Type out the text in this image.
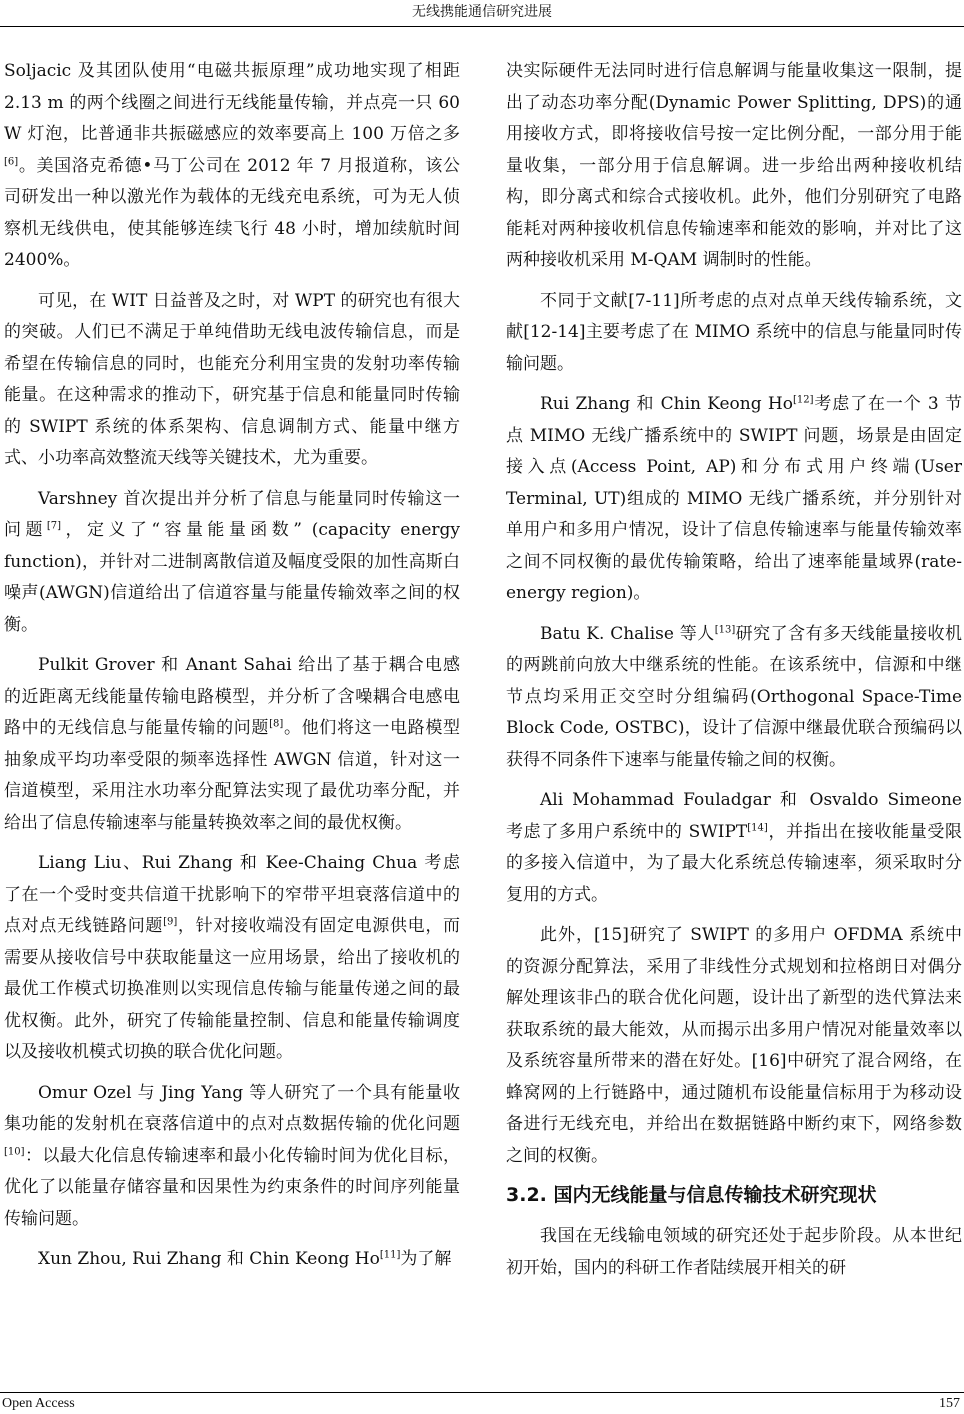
无线携能通信研究进展

Soljacic 及其团队使用“电磁共振原理”成功地实现了相距 2.13 m 的两个线圈之间进行无线能量传输，并点亮一只 60 W 灯泡，比普通非共振磁感应的效率要高上 100 万倍之多[6]。美国洛克希德•马丁公司在 2012 年 7 月报道称，该公司研发出一种以激光作为载体的无线充电系统，可为无人侦察机无线供电，使其能够连续飞行 48 小时，增加续航时间 2400%。

可见，在 WIT 日益普及之时，对 WPT 的研究也有很大的突破。人们已不满足于单纯借助无线电波传输信息，而是希望在传输信息的同时，也能充分利用宝贵的发射功率传输能量。在这种需求的推动下，研究基于信息和能量同时传输的 SWIPT 系统的体系架构、信息调制方式、能量中继方式、小功率高效整流天线等关键技术，尤为重要。

Varshney 首次提出并分析了信息与能量同时传输这一问题[7]，定义了“容量能量函数” (capacity energy function)，并针对二进制离散信道及幅度受限的加性高斯白噪声(AWGN)信道给出了信道容量与能量传输效率之间的权衡。

Pulkit Grover 和 Anant Sahai 给出了基于耦合电感的近距离无线能量传输电路模型，并分析了含噪耦合电感电路中的无线信息与能量传输的问题[8]。他们将这一电路模型抽象成平均功率受限的频率选择性 AWGN 信道，针对这一信道模型，采用注水功率分配算法实现了最优功率分配，并给出了信息传输速率与能量转换效率之间的最优权衡。

Liang Liu、Rui Zhang 和 Kee-Chaing Chua 考虑了在一个受时变共信道干扰影响下的窄带平坦衰落信道中的点对点无线链路问题[9]，针对接收端没有固定电源供电，而需要从接收信号中获取能量这一应用场景，给出了接收机的最优工作模式切换准则以实现信息传输与能量传递之间的最优权衡。此外，研究了传输能量控制、信息和能量传输调度以及接收机模式切换的联合优化问题。

Omur Ozel 与 Jing Yang 等人研究了一个具有能量收集功能的发射机在衰落信道中的点对点数据传输的优化问题[10]：以最大化信息传输速率和最小化传输时间为优化目标，优化了以能量存储容量和因果性为约束条件的时间序列能量传输问题。

Xun Zhou, Rui Zhang 和 Chin Keong Ho[11]为了解

决实际硬件无法同时进行信息解调与能量收集这一限制，提出了动态功率分配(Dynamic Power Splitting, DPS)的通用接收方式，即将接收信号按一定比例分配，一部分用于能量收集，一部分用于信息解调。进一步给出两种接收机结构，即分离式和综合式接收机。此外，他们分别研究了电路能耗对两种接收机信息传输速率和能效的影响，并对比了这两种接收机采用 M-QAM 调制时的性能。

不同于文献[7-11]所考虑的点对点单天线传输系统，文献[12-14]主要考虑了在 MIMO 系统中的信息与能量同时传输问题。

Rui Zhang 和 Chin Keong Ho[12]考虑了在一个 3 节点 MIMO 无线广播系统中的 SWIPT 问题，场景是由固定接入点(Access Point, AP)和分布式用户终端(User Terminal, UT)组成的 MIMO 无线广播系统，并分别针对单用户和多用户情况，设计了信息传输速率与能量传输效率之间不同权衡的最优传输策略，给出了速率能量域界(rate-energy region)。

Batu K. Chalise 等人[13]研究了含有多天线能量接收机的两跳前向放大中继系统的性能。在该系统中，信源和中继节点均采用正交空时分组编码(Orthogonal Space-Time Block Code, OSTBC)，设计了信源中继最优联合预编码以获得不同条件下速率与能量传输之间的权衡。

Ali Mohammad Fouladgar 和 Osvaldo Simeone 考虑了多用户系统中的 SWIPT[14]，并指出在接收能量受限的多接入信道中，为了最大化系统总传输速率，须采取时分复用的方式。

此外，[15]研究了 SWIPT 的多用户 OFDMA 系统中的资源分配算法，采用了非线性分式规划和拉格朗日对偶分解处理该非凸的联合优化问题，设计出了新型的迭代算法来获取系统的最大能效，从而揭示出多用户情况对能量效率以及系统容量所带来的潜在好处。[16]中研究了混合网络，在蜂窝网的上行链路中，通过随机布设能量信标用于为移动设备进行无线充电，并给出在数据链路中断约束下，网络参数之间的权衡。

3.2. 国内无线能量与信息传输技术研究现状

我国在无线输电领域的研究还处于起步阶段。从本世纪初开始，国内的科研工作者陆续展开相关的研

Open Access	157
